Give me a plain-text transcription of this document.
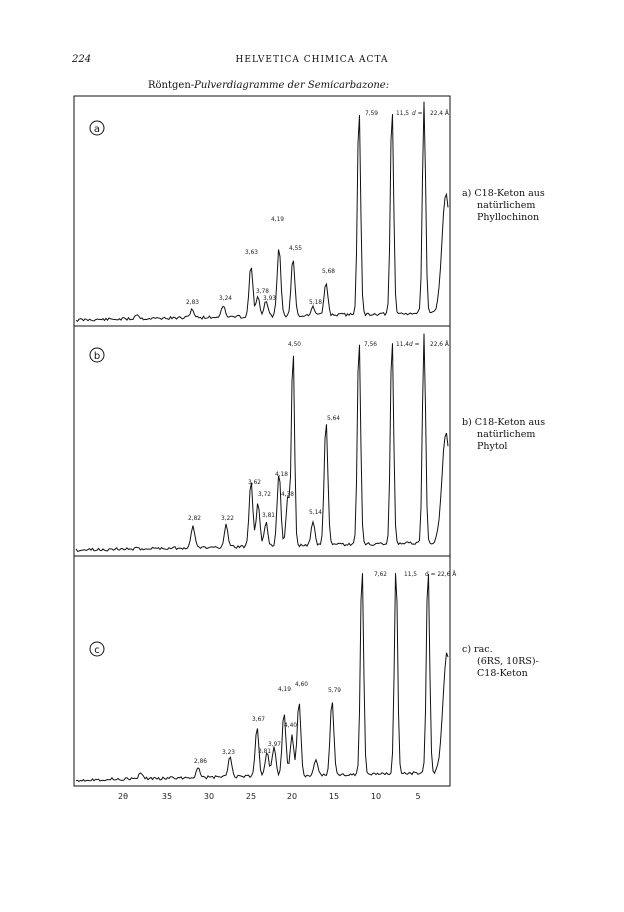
224	HELVETICA CHIMICA ACTA
Röntgen-Pulverdiagramme der Semicarbazone:
a
b
c
7,59	11,5 d = 22,4 Å
4,19
3,63	4,55
5,68
3,78
3,93	5,18
2,83	3,24
4,50	7,56	11,4 d = 22,6 Å
5,64
4,18
3,62
3,72 4,38
3,81	5,14
2,82	3,22
7,62	11,5 d = 22,6 Å
4,19
4,60
5,79
3,67
4,40
3,97
3,81
3,23
2,86
2θ	35	30	25	20	15	10	5
a) C18-Keton aus
natürlichem
Phyllochinon
b) C18-Keton aus
natürlichem
Phytol
c) rac.
(6RS, 10RS)-
C18-Keton
